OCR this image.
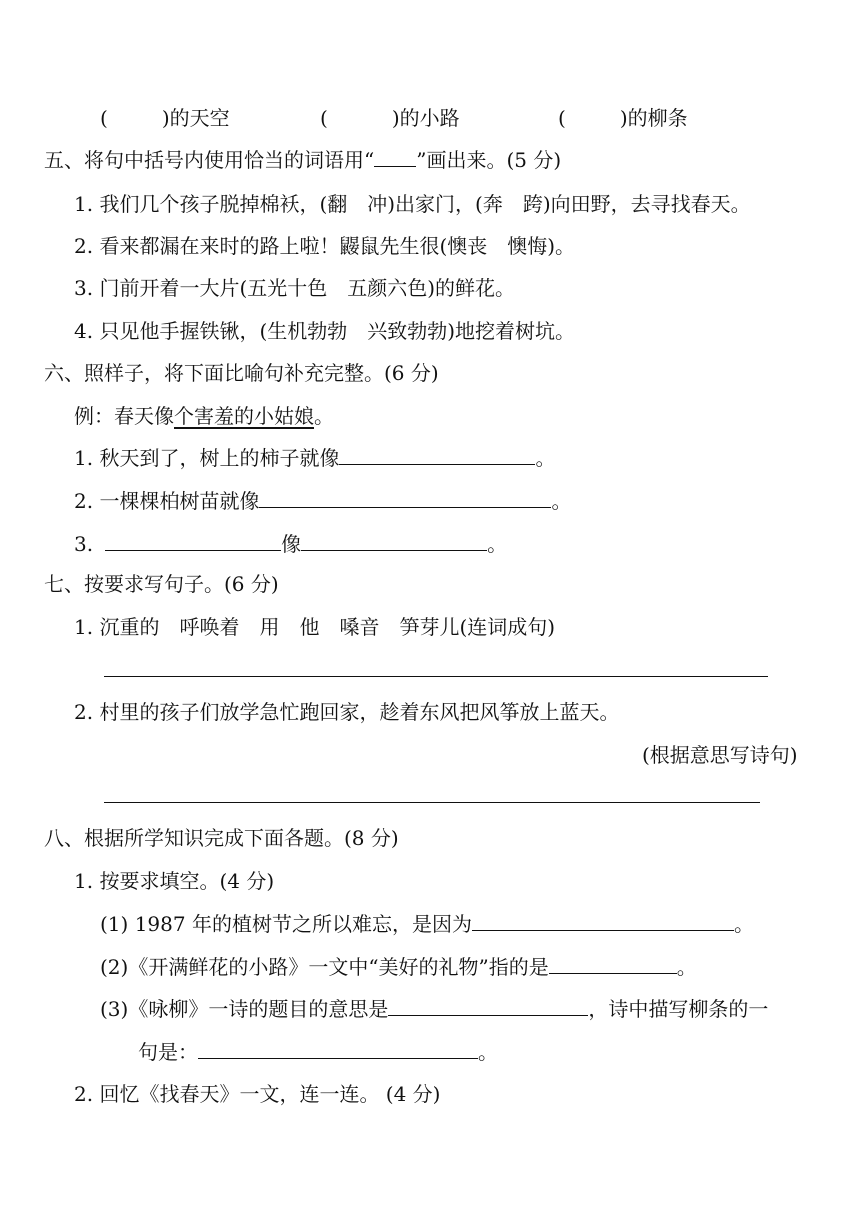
(	)的天空	(	)的小路	(	)的柳条
五、将句中括号内使用恰当的词语用“ ”画出来。(5 分)
1. 我们几个孩子脱掉棉袄，(翻　冲)出家门，(奔　跨)向田野，去寻找春天。
2. 看来都漏在来时的路上啦！鼹鼠先生很(懊丧　懊悔)。
3. 门前开着一大片(五光十色　五颜六色)的鲜花。
4. 只见他手握铁锹，(生机勃勃　兴致勃勃)地挖着树坑。
六、照样子，将下面比喻句补充完整。(6 分)
例：春天像个害羞的小姑娘。
1. 秋天到了，树上的柿子就像	。
2. 一棵棵柏树苗就像	。
3.	像	。
七、按要求写句子。(6 分)
1. 沉重的　呼唤着　用　他　嗓音　笋芽儿(连词成句)
2. 村里的孩子们放学急忙跑回家，趁着东风把风筝放上蓝天。
(根据意思写诗句)
八、根据所学知识完成下面各题。(8 分)
1. 按要求填空。(4 分)
(1) 1987 年的植树节之所以难忘，是因为	。
(2)《开满鲜花的小路》一文中“美好的礼物”指的是	。
(3)《咏柳》一诗的题目的意思是	，诗中描写柳条的一
句是：	。
2. 回忆《找春天》一文，连一连。 (4 分)
